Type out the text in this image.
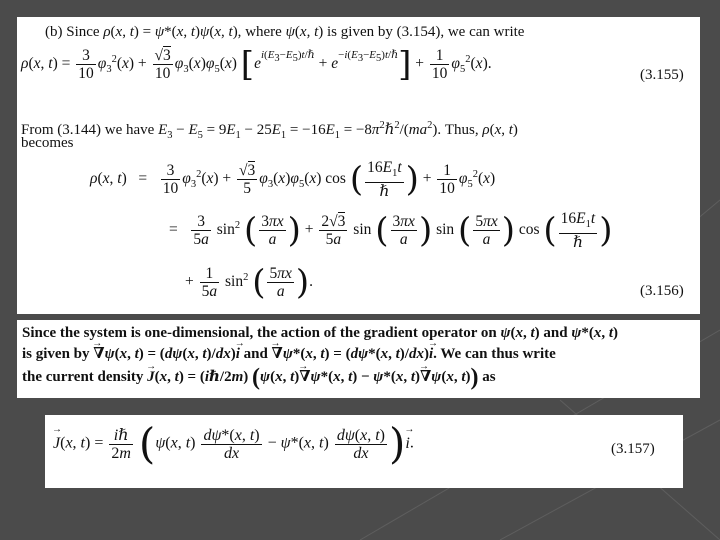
(b) Since ρ(x, t) = ψ*(x, t)ψ(x, t), where ψ(x, t) is given by (3.154), we can write
ρ(x, $t) = \frac{3}{10} \varphi_3^2(x) + \frac{√3}{10} \varphi_3(x)\varphi_5(x) [e^{i(E_3-E_5)t/\hbar} + e^{-i(E_3-E_5)t/\hbar}] + \frac{1}{10} \varphi_5^2(x)$.
(3.155)
From (3.144) we have $E_3 - E_5 = 9E_1 - 25E_1 = -16E_1$ = $-8\pi^2\hbar^2/(ma^2)$. Thus, ρ(x, t)
becomes
ρ(x, $t) = \frac{3}{10} \varphi_3^2(x) + \frac{√3}{5} \varphi_3(x)\varphi_5(x)$ cos ( $\frac{16E_1t}{\text{ℏ}}$ ) + $\frac{1}{10} \varphi_5^2(x)$
= $\frac{3}{5a} \sin^2$ ( $\frac{3\pi x}{a}$ ) + $\frac{2√3}{5a}$ sin ( $\frac{3\pi x}{a}$ ) sin ( $\frac{5\pi x}{a}$ ) cos ( $\frac{16E_1t}{\text{ℏ}}$ )
+ $\frac{1}{5a} \sin^2$ ( $\frac{5\pi x}{a}$ ).
(3.156)
Since the system is one-dimensional, the action of the gradient operator on ψ(x, t) and ψ*(x, t)
is given by → ∇ψ(x, t) = (dψ(x, t)/dx)→ i and → ∇ψ*(x, t) = (dψ*(x, t)/dx)→ i. We can thus write
the current density → J(x, t) = (iℏ/2m) (ψ(x, t)→ ∇ψ*(x, t) − ψ*(x, t)→ ∇ψ(x, t)) as
→ J(x, $t) = \frac{\text{iℏ}}{2m} (\psi(x$, $t) \frac{d\psi*(x, t)}{dx} - \psi*(x$, $t) \frac{d\psi(x, t)}{dx}$ )→ i.	(3.157)
